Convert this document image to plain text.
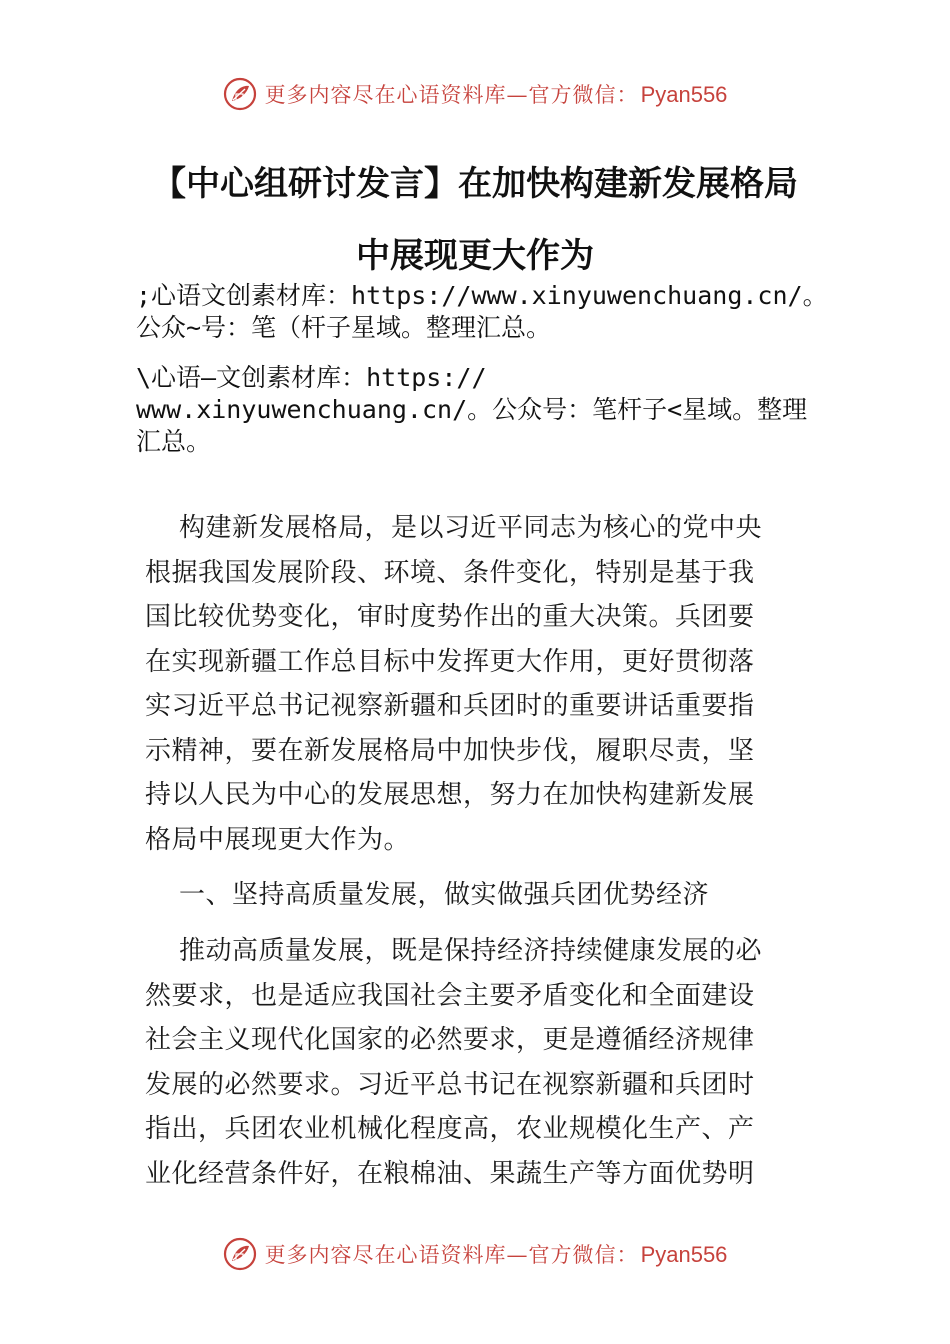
更多内容尽在心语资料库—官方微信：Pyan556
【中心组研讨发言】在加快构建新发展格局
中展现更大作为

;心语文创素材库：https://www.xinyuwenchuang.cn/。
公众~号：笔（杆子星域。整理汇总。

\心语—文创素材库：https://
www.xinyuwenchuang.cn/。公众号：笔杆子<星域。整理
汇总。

构建新发展格局，是以习近平同志为核心的党中央
根据我国发展阶段、环境、条件变化，特别是基于我
国比较优势变化，审时度势作出的重大决策。兵团要
在实现新疆工作总目标中发挥更大作用，更好贯彻落
实习近平总书记视察新疆和兵团时的重要讲话重要指
示精神，要在新发展格局中加快步伐，履职尽责，坚
持以人民为中心的发展思想，努力在加快构建新发展
格局中展现更大作为。

一、坚持高质量发展，做实做强兵团优势经济

推动高质量发展，既是保持经济持续健康发展的必
然要求，也是适应我国社会主要矛盾变化和全面建设
社会主义现代化国家的必然要求，更是遵循经济规律
发展的必然要求。习近平总书记在视察新疆和兵团时
指出，兵团农业机械化程度高，农业规模化生产、产
业化经营条件好，在粮棉油、果蔬生产等方面优势明

更多内容尽在心语资料库—官方微信：Pyan556
